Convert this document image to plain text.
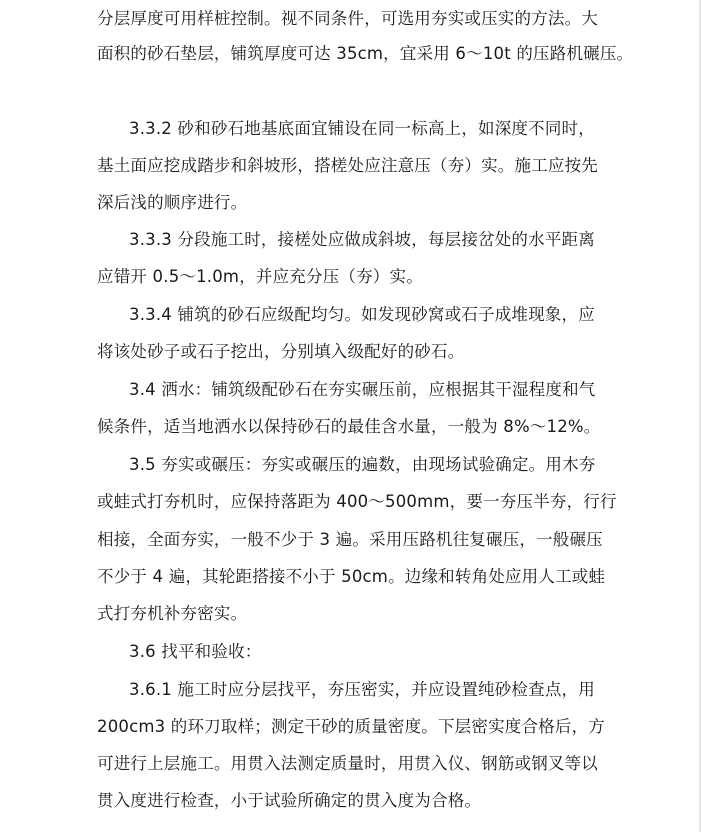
分层厚度可用样桩控制。视不同条件，可选用夯实或压实的方法。大
面积的砂石垫层，铺筑厚度可达 35cm，宜采用 6～10t 的压路机碾压。
3.3.2 砂和砂石地基底面宜铺设在同一标高上，如深度不同时，
基土面应挖成踏步和斜坡形，搭槎处应注意压（夯）实。施工应按先
深后浅的顺序进行。
3.3.3 分段施工时，接槎处应做成斜坡，每层接岔处的水平距离
应错开 0.5～1.0m，并应充分压（夯）实。
3.3.4 铺筑的砂石应级配均匀。如发现砂窝或石子成堆现象，应
将该处砂子或石子挖出，分别填入级配好的砂石。
3.4 洒水：铺筑级配砂石在夯实碾压前，应根据其干湿程度和气
候条件，适当地洒水以保持砂石的最佳含水量，一般为 8%～12%。
3.5 夯实或碾压：夯实或碾压的遍数，由现场试验确定。用木夯
或蛙式打夯机时，应保持落距为 400～500mm，要一夯压半夯，行行
相接，全面夯实，一般不少于 3 遍。采用压路机往复碾压，一般碾压
不少于 4 遍，其轮距搭接不小于 50cm。边缘和转角处应用人工或蛙
式打夯机补夯密实。
3.6 找平和验收：
3.6.1 施工时应分层找平，夯压密实，并应设置纯砂检查点，用
200cm3 的环刀取样；测定干砂的质量密度。下层密实度合格后，方
可进行上层施工。用贯入法测定质量时，用贯入仪、钢筋或钢叉等以
贯入度进行检查，小于试验所确定的贯入度为合格。
